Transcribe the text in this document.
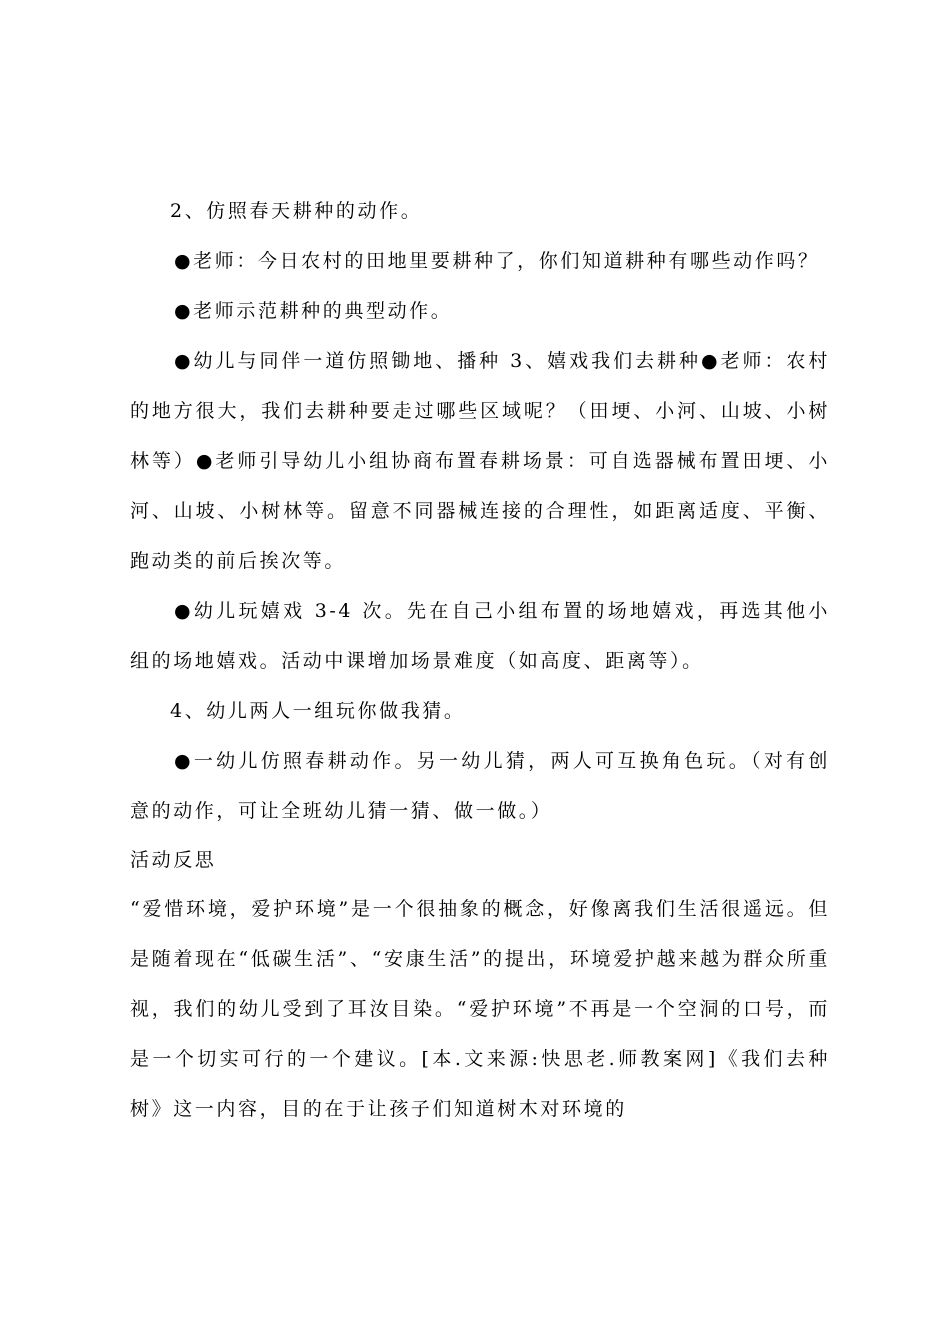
2、仿照春天耕种的动作。

●老师：今日农村的田地里要耕种了，你们知道耕种有哪些动作吗？

●老师示范耕种的典型动作。

●幼儿与同伴一道仿照锄地、播种 3、嬉戏我们去耕种●老师：农村的地方很大，我们去耕种要走过哪些区域呢？（田埂、小河、山坡、小树林等）●老师引导幼儿小组协商布置春耕场景：可自选器械布置田埂、小河、山坡、小树林等。留意不同器械连接的合理性，如距离适度、平衡、跑动类的前后挨次等。

●幼儿玩嬉戏 3-4 次。先在自己小组布置的场地嬉戏，再选其他小组的场地嬉戏。活动中课增加场景难度（如高度、距离等）。

4、幼儿两人一组玩你做我猜。

●一幼儿仿照春耕动作。另一幼儿猜，两人可互换角色玩。（对有创意的动作，可让全班幼儿猜一猜、做一做。）

活动反思

“爱惜环境，爱护环境”是一个很抽象的概念，好像离我们生活很遥远。但是随着现在“低碳生活”、“安康生活”的提出，环境爱护越来越为群众所重视，我们的幼儿受到了耳汝目染。“爱护环境”不再是一个空洞的口号，而是一个切实可行的一个建议。[本.文来源:快思老.师教案网]《我们去种树》这一内容，目的在于让孩子们知道树木对环境的
